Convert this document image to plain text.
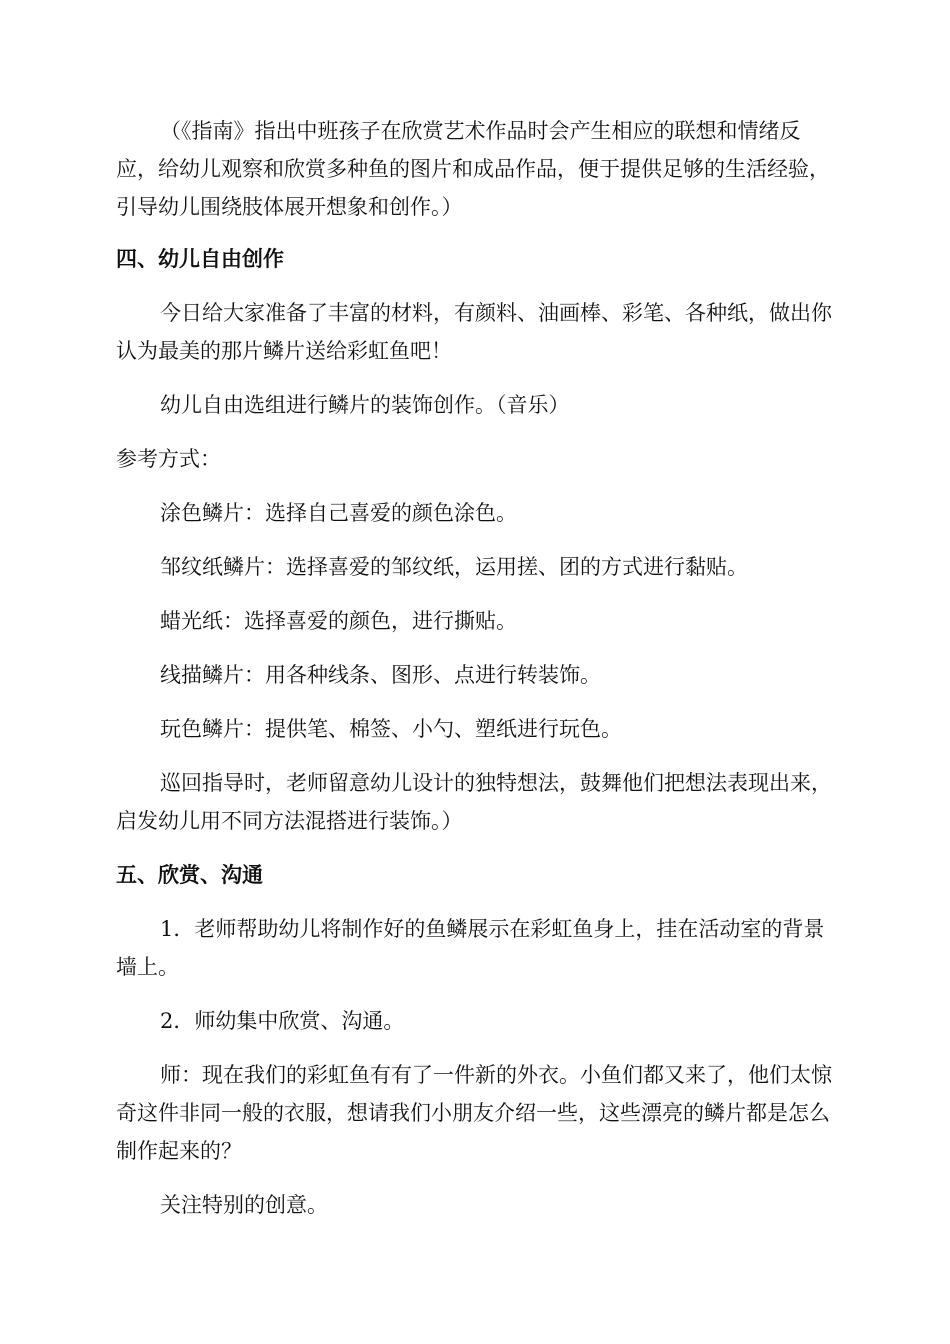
（《指南》指出中班孩子在欣赏艺术作品时会产生相应的联想和情绪反应，给幼儿观察和欣赏多种鱼的图片和成品作品，便于提供足够的生活经验，引导幼儿围绕肢体展开想象和创作。）

四、幼儿自由创作

今日给大家准备了丰富的材料，有颜料、油画棒、彩笔、各种纸，做出你认为最美的那片鳞片送给彩虹鱼吧！

幼儿自由选组进行鳞片的装饰创作。（音乐）

参考方式：

涂色鳞片：选择自己喜爱的颜色涂色。

邹纹纸鳞片：选择喜爱的邹纹纸，运用搓、团的方式进行黏贴。

蜡光纸：选择喜爱的颜色，进行撕贴。

线描鳞片：用各种线条、图形、点进行转装饰。

玩色鳞片：提供笔、棉签、小勺、塑纸进行玩色。

巡回指导时，老师留意幼儿设计的独特想法，鼓舞他们把想法表现出来，启发幼儿用不同方法混搭进行装饰。）

五、欣赏、沟通

1．老师帮助幼儿将制作好的鱼鳞展示在彩虹鱼身上，挂在活动室的背景墙上。

2．师幼集中欣赏、沟通。

师：现在我们的彩虹鱼有有了一件新的外衣。小鱼们都又来了，他们太惊奇这件非同一般的衣服，想请我们小朋友介绍一些，这些漂亮的鳞片都是怎么制作起来的？

关注特别的创意。
